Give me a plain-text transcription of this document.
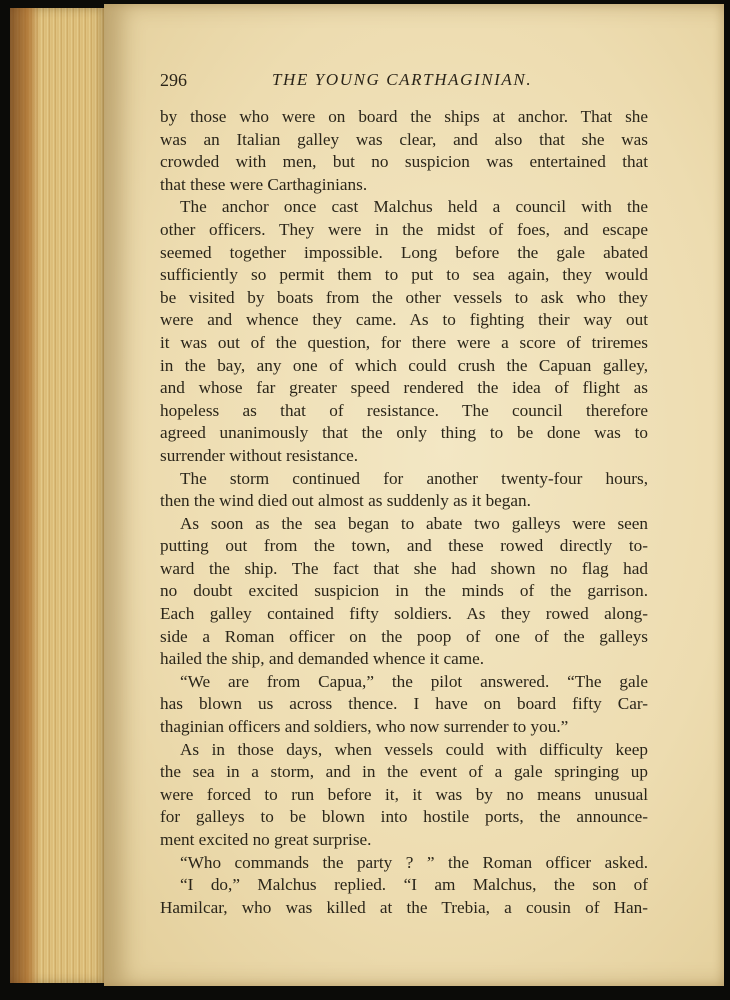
296	THE YOUNG CARTHAGINIAN.
by those who were on board the ships at anchor. That she
was an Italian galley was clear, and also that she was
crowded with men, but no suspicion was entertained that
that these were Carthaginians.
The anchor once cast Malchus held a council with the
other officers. They were in the midst of foes, and escape
seemed together impossible. Long before the gale abated
sufficiently so permit them to put to sea again, they would
be visited by boats from the other vessels to ask who they
were and whence they came. As to fighting their way out
it was out of the question, for there were a score of triremes
in the bay, any one of which could crush the Capuan galley,
and whose far greater speed rendered the idea of flight as
hopeless as that of resistance. The council therefore
agreed unanimously that the only thing to be done was to
surrender without resistance.
The storm continued for another twenty-four hours,
then the wind died out almost as suddenly as it began.
As soon as the sea began to abate two galleys were seen
putting out from the town, and these rowed directly to-
ward the ship. The fact that she had shown no flag had
no doubt excited suspicion in the minds of the garrison.
Each galley contained fifty soldiers. As they rowed along-
side a Roman officer on the poop of one of the galleys
hailed the ship, and demanded whence it came.
“We are from Capua,” the pilot answered. “The gale
has blown us across thence. I have on board fifty Car-
thaginian officers and soldiers, who now surrender to you.”
As in those days, when vessels could with difficulty keep
the sea in a storm, and in the event of a gale springing up
were forced to run before it, it was by no means unusual
for galleys to be blown into hostile ports, the announce-
ment excited no great surprise.
“Who commands the party ? ” the Roman officer asked.
“I do,” Malchus replied. “I am Malchus, the son of
Hamilcar, who was killed at the Trebia, a cousin of Han-
